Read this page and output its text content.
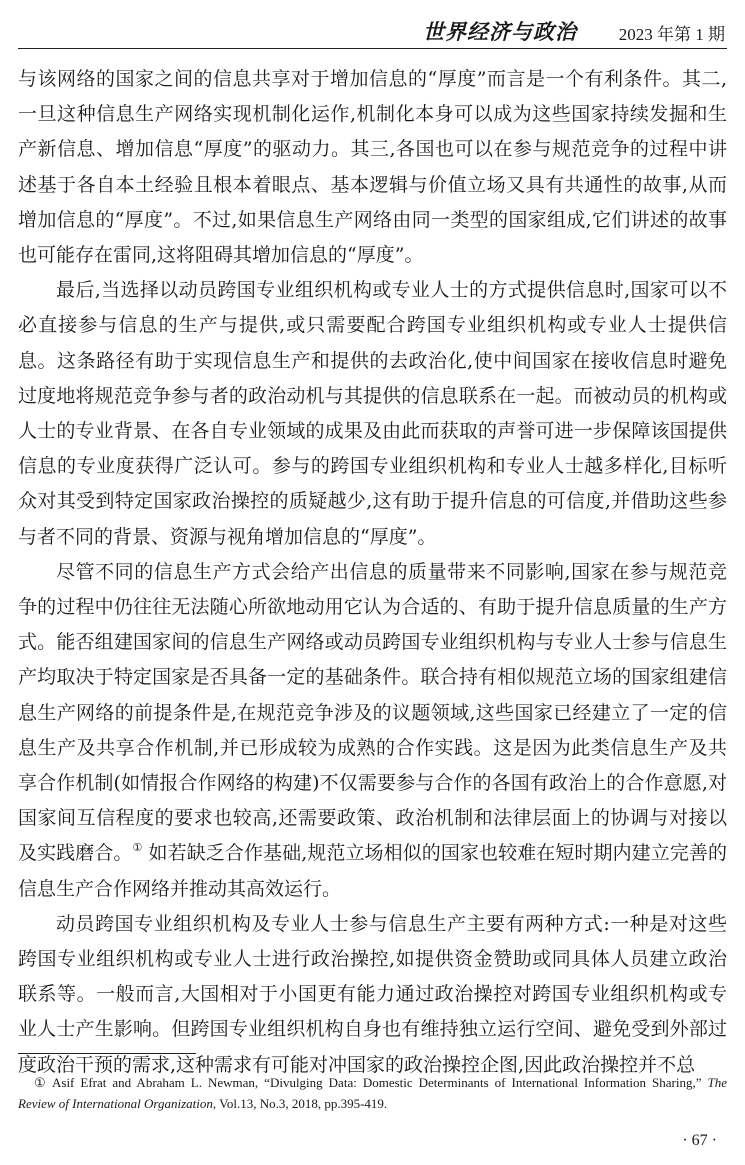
世界经济与政治 2023 年第 1 期

与该网络的国家之间的信息共享对于增加信息的“厚度”而言是一个有利条件。其二,一旦这种信息生产网络实现机制化运作,机制化本身可以成为这些国家持续发掘和生产新信息、增加信息“厚度”的驱动力。其三,各国也可以在参与规范竞争的过程中讲述基于各自本土经验且根本着眼点、基本逻辑与价值立场又具有共通性的故事,从而增加信息的“厚度”。不过,如果信息生产网络由同一类型的国家组成,它们讲述的故事也可能存在雷同,这将阻碍其增加信息的“厚度”。

最后,当选择以动员跨国专业组织机构或专业人士的方式提供信息时,国家可以不必直接参与信息的生产与提供,或只需要配合跨国专业组织机构或专业人士提供信息。这条路径有助于实现信息生产和提供的去政治化,使中间国家在接收信息时避免过度地将规范竞争参与者的政治动机与其提供的信息联系在一起。而被动员的机构或人士的专业背景、在各自专业领域的成果及由此而获取的声誉可进一步保障该国提供信息的专业度获得广泛认可。参与的跨国专业组织机构和专业人士越多样化,目标听众对其受到特定国家政治操控的质疑越少,这有助于提升信息的可信度,并借助这些参与者不同的背景、资源与视角增加信息的“厚度”。

尽管不同的信息生产方式会给产出信息的质量带来不同影响,国家在参与规范竞争的过程中仍往往无法随心所欲地动用它认为合适的、有助于提升信息质量的生产方式。能否组建国家间的信息生产网络或动员跨国专业组织机构与专业人士参与信息生产均取决于特定国家是否具备一定的基础条件。联合持有相似规范立场的国家组建信息生产网络的前提条件是,在规范竞争涉及的议题领域,这些国家已经建立了一定的信息生产及共享合作机制,并已形成较为成熟的合作实践。这是因为此类信息生产及共享合作机制(如情报合作网络的构建)不仅需要参与合作的各国有政治上的合作意愿,对国家间互信程度的要求也较高,还需要政策、政治机制和法律层面上的协调与对接以及实践磨合。① 如若缺乏合作基础,规范立场相似的国家也较难在短时期内建立完善的信息生产合作网络并推动其高效运行。

动员跨国专业组织机构及专业人士参与信息生产主要有两种方式:一种是对这些跨国专业组织机构或专业人士进行政治操控,如提供资金赞助或同具体人员建立政治联系等。一般而言,大国相对于小国更有能力通过政治操控对跨国专业组织机构或专业人士产生影响。但跨国专业组织机构自身也有维持独立运行空间、避免受到外部过度政治干预的需求,这种需求有可能对冲国家的政治操控企图,因此政治操控并不总

① Asif Efrat and Abraham L. Newman, “Divulging Data: Domestic Determinants of International Information Sharing,” The Review of International Organization, Vol.13, No.3, 2018, pp.395-419.

· 67 ·
